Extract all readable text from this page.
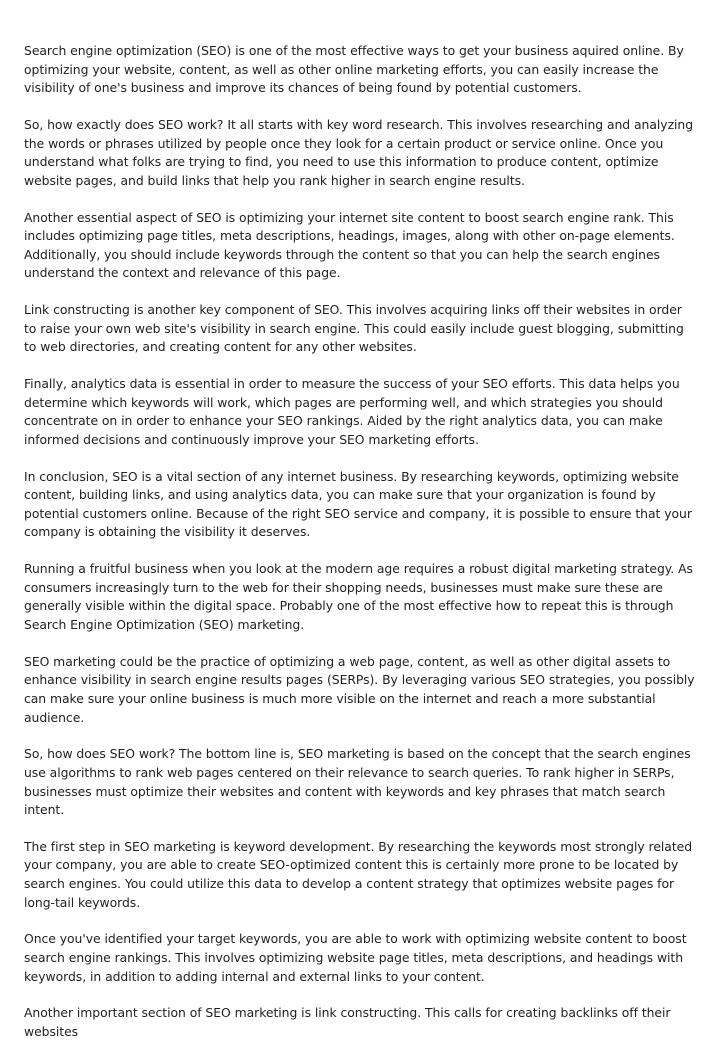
Search engine optimization (SEO) is one of the most effective ways to get your business aquired online. By optimizing your website, content, as well as other online marketing efforts, you can easily increase the visibility of one's business and improve its chances of being found by potential customers.

So, how exactly does SEO work? It all starts with key word research. This involves researching and analyzing the words or phrases utilized by people once they look for a certain product or service online. Once you understand what folks are trying to find, you need to use this information to produce content, optimize website pages, and build links that help you rank higher in search engine results.

Another essential aspect of SEO is optimizing your internet site content to boost search engine rank. This includes optimizing page titles, meta descriptions, headings, images, along with other on-page elements. Additionally, you should include keywords through the content so that you can help the search engines understand the context and relevance of this page.

Link constructing is another key component of SEO. This involves acquiring links off their websites in order to raise your own web site's visibility in search engine. This could easily include guest blogging, submitting to web directories, and creating content for any other websites.

Finally, analytics data is essential in order to measure the success of your SEO efforts. This data helps you determine which keywords will work, which pages are performing well, and which strategies you should concentrate on in order to enhance your SEO rankings. Aided by the right analytics data, you can make informed decisions and continuously improve your SEO marketing efforts.

In conclusion, SEO is a vital section of any internet business. By researching keywords, optimizing website content, building links, and using analytics data, you can make sure that your organization is found by potential customers online. Because of the right SEO service and company, it is possible to ensure that your company is obtaining the visibility it deserves.

Running a fruitful business when you look at the modern age requires a robust digital marketing strategy. As consumers increasingly turn to the web for their shopping needs, businesses must make sure these are generally visible within the digital space. Probably one of the most effective how to repeat this is through Search Engine Optimization (SEO) marketing.

SEO marketing could be the practice of optimizing a web page, content, as well as other digital assets to enhance visibility in search engine results pages (SERPs). By leveraging various SEO strategies, you possibly can make sure your online business is much more visible on the internet and reach a more substantial audience.

So, how does SEO work? The bottom line is, SEO marketing is based on the concept that the search engines use algorithms to rank web pages centered on their relevance to search queries. To rank higher in SERPs, businesses must optimize their websites and content with keywords and key phrases that match search intent.

The first step in SEO marketing is keyword development. By researching the keywords most strongly related your company, you are able to create SEO-optimized content this is certainly more prone to be located by search engines. You could utilize this data to develop a content strategy that optimizes website pages for long-tail keywords.

Once you've identified your target keywords, you are able to work with optimizing website content to boost search engine rankings. This involves optimizing website page titles, meta descriptions, and headings with keywords, in addition to adding internal and external links to your content.

Another important section of SEO marketing is link constructing. This calls for creating backlinks off their websites
